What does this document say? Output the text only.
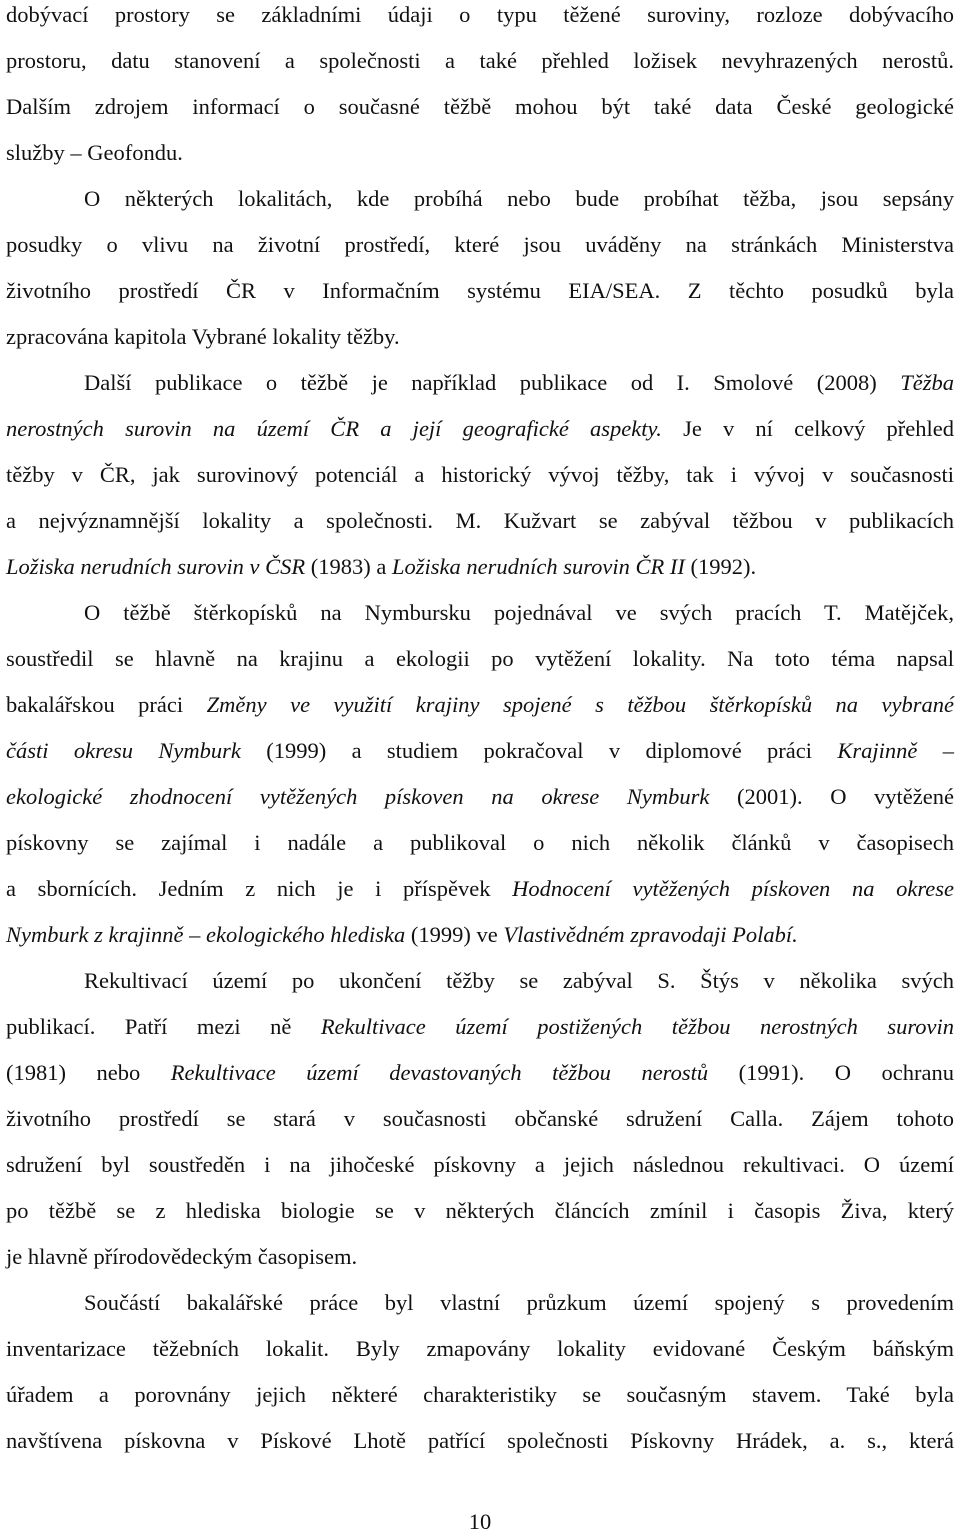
dobývací prostory se základními údaji o typu těžené suroviny, rozloze dobývacího
prostoru, datu stanovení a společnosti a také přehled ložisek nevyhrazených nerostů.
Dalším zdrojem informací o současné těžbě mohou být také data České geologické
služby – Geofondu.
O některých lokalitách, kde probíhá nebo bude probíhat těžba, jsou sepsány
posudky o vlivu na životní prostředí, které jsou uváděny na stránkách Ministerstva
životního prostředí ČR v Informačním systému EIA/SEA. Z těchto posudků byla
zpracována kapitola Vybrané lokality těžby.
Další publikace o těžbě je například publikace od I. Smolové (2008) Těžba
nerostných surovin na území ČR a její geografické aspekty. Je v ní celkový přehled
těžby v ČR, jak surovinový potenciál a historický vývoj těžby, tak i vývoj v současnosti
a nejvýznamnější lokality a společnosti. M. Kužvart se zabýval těžbou v publikacích
Ložiska nerudních surovin v ČSR (1983) a Ložiska nerudních surovin ČR II (1992).
O těžbě štěrkopísků na Nymbursku pojednával ve svých pracích T. Matějček,
soustředil se hlavně na krajinu a ekologii po vytěžení lokality. Na toto téma napsal
bakalářskou práci Změny ve využití krajiny spojené s těžbou štěrkopísků na vybrané
části okresu Nymburk (1999) a studiem pokračoval v diplomové práci Krajinně –
ekologické zhodnocení vytěžených pískoven na okrese Nymburk (2001). O vytěžené
pískovny se zajímal i nadále a publikoval o nich několik článků v časopisech
a sbornících. Jedním z nich je i příspěvek Hodnocení vytěžených pískoven na okrese
Nymburk z krajinně – ekologického hlediska (1999) ve Vlastivědném zpravodaji Polabí.
Rekultivací území po ukončení těžby se zabýval S. Štýs v několika svých
publikací. Patří mezi ně Rekultivace území postižených těžbou nerostných surovin
(1981) nebo Rekultivace území devastovaných těžbou nerostů (1991). O ochranu
životního prostředí se stará v současnosti občanské sdružení Calla. Zájem tohoto
sdružení byl soustředěn i na jihočeské pískovny a jejich následnou rekultivaci. O území
po těžbě se z hlediska biologie se v některých článcích zmínil i časopis Živa, který
je hlavně přírodovědeckým časopisem.
Součástí bakalářské práce byl vlastní průzkum území spojený s provedením
inventarizace těžebních lokalit. Byly zmapovány lokality evidované Českým báňským
úřadem a porovnány jejich některé charakteristiky se současným stavem. Také byla
navštívena pískovna v Pískové Lhotě patřící společnosti Pískovny Hrádek, a. s., která
10
